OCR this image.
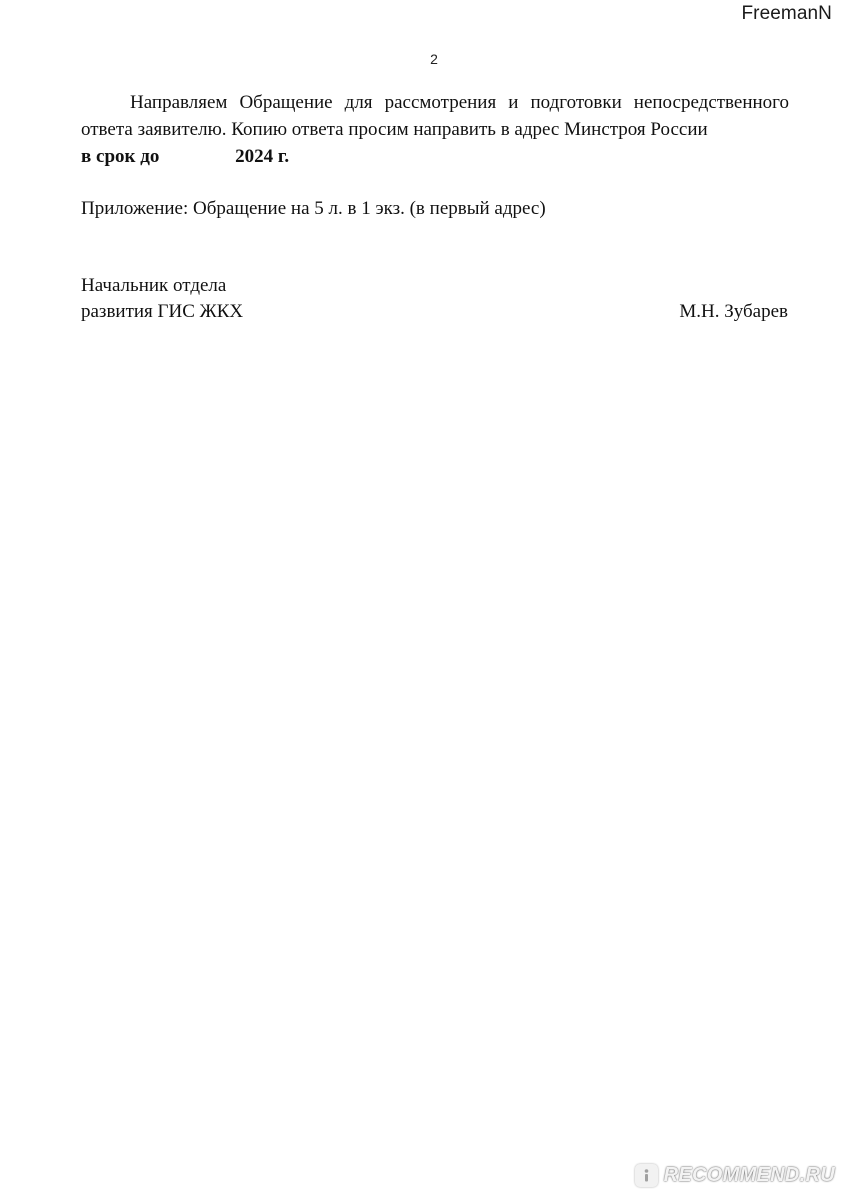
FreemanN
2

Направляем Обращение для рассмотрения и подготовки непосредственного ответа заявителю. Копию ответа просим направить в адрес Минстроя России

в срок до	2024 г.
Приложение: Обращение на 5 л. в 1 экз. (в первый адрес)
Начальник отдела
развития ГИС ЖКХ	М.Н. Зубарев
RECOMMEND.RU
